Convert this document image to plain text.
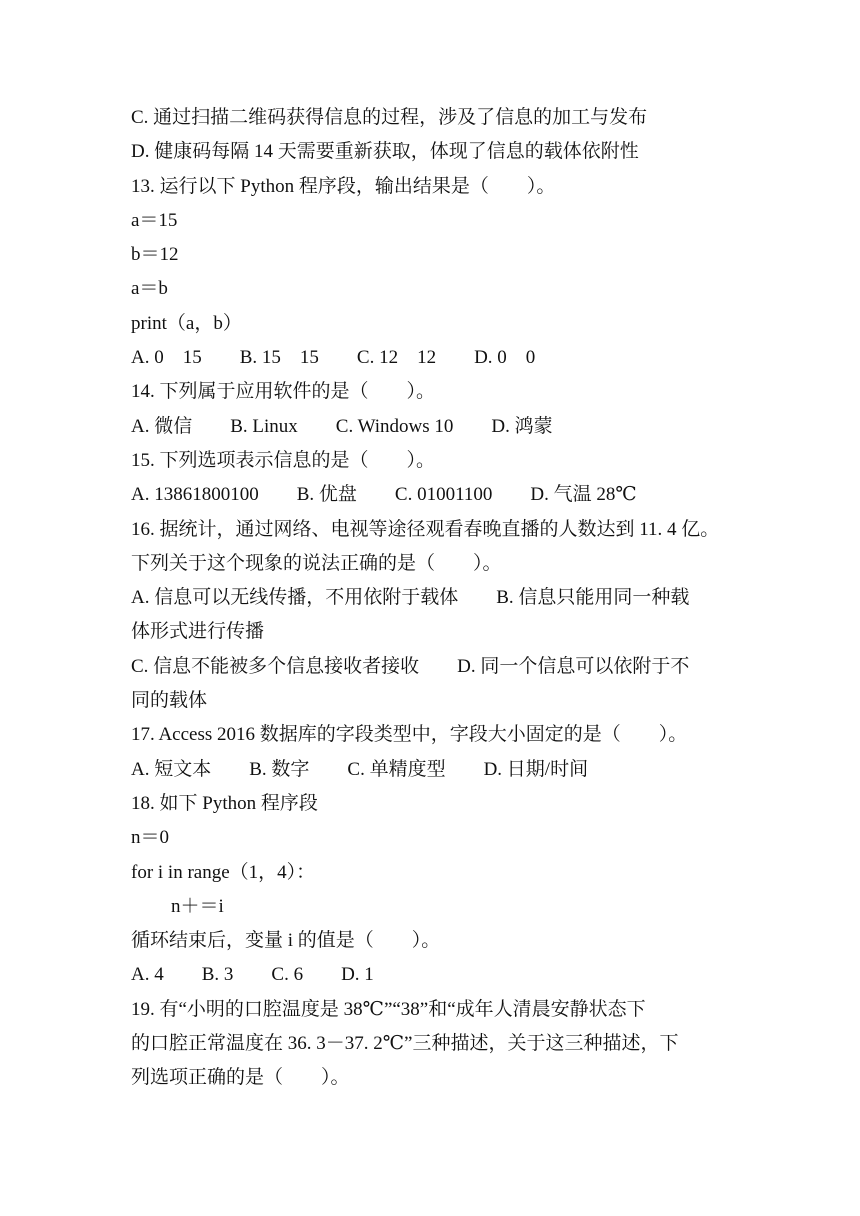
C. 通过扫描二维码获得信息的过程，涉及了信息的加工与发布
D. 健康码每隔 14 天需要重新获取，体现了信息的载体依附性
13. 运行以下 Python 程序段，输出结果是（　　）。
a＝15
b＝12
a＝b
print（a，b）
A. 0　15　　B. 15　15　　C. 12　12　　D. 0　0
14. 下列属于应用软件的是（　　）。
A. 微信　　B. Linux　　C. Windows 10　　D. 鸿蒙
15. 下列选项表示信息的是（　　）。
A. 13861800100　　B. 优盘　　C. 01001100　　D. 气温 28℃
16. 据统计，通过网络、电视等途径观看春晚直播的人数达到 11. 4 亿。
下列关于这个现象的说法正确的是（　　）。
A. 信息可以无线传播，不用依附于载体　　B. 信息只能用同一种载
体形式进行传播
C. 信息不能被多个信息接收者接收　　D. 同一个信息可以依附于不
同的载体
17. Access 2016 数据库的字段类型中，字段大小固定的是（　　）。
A. 短文本　　B. 数字　　C. 单精度型　　D. 日期/时间
18. 如下 Python 程序段
n＝0
for i in range（1，4）：
n＋＝i
循环结束后，变量 i 的值是（　　）。
A. 4　　B. 3　　C. 6　　D. 1
19. 有“小明的口腔温度是 38℃”“38”和“成年人清晨安静状态下
的口腔正常温度在 36. 3－37. 2℃”三种描述，关于这三种描述，下
列选项正确的是（　　）。
